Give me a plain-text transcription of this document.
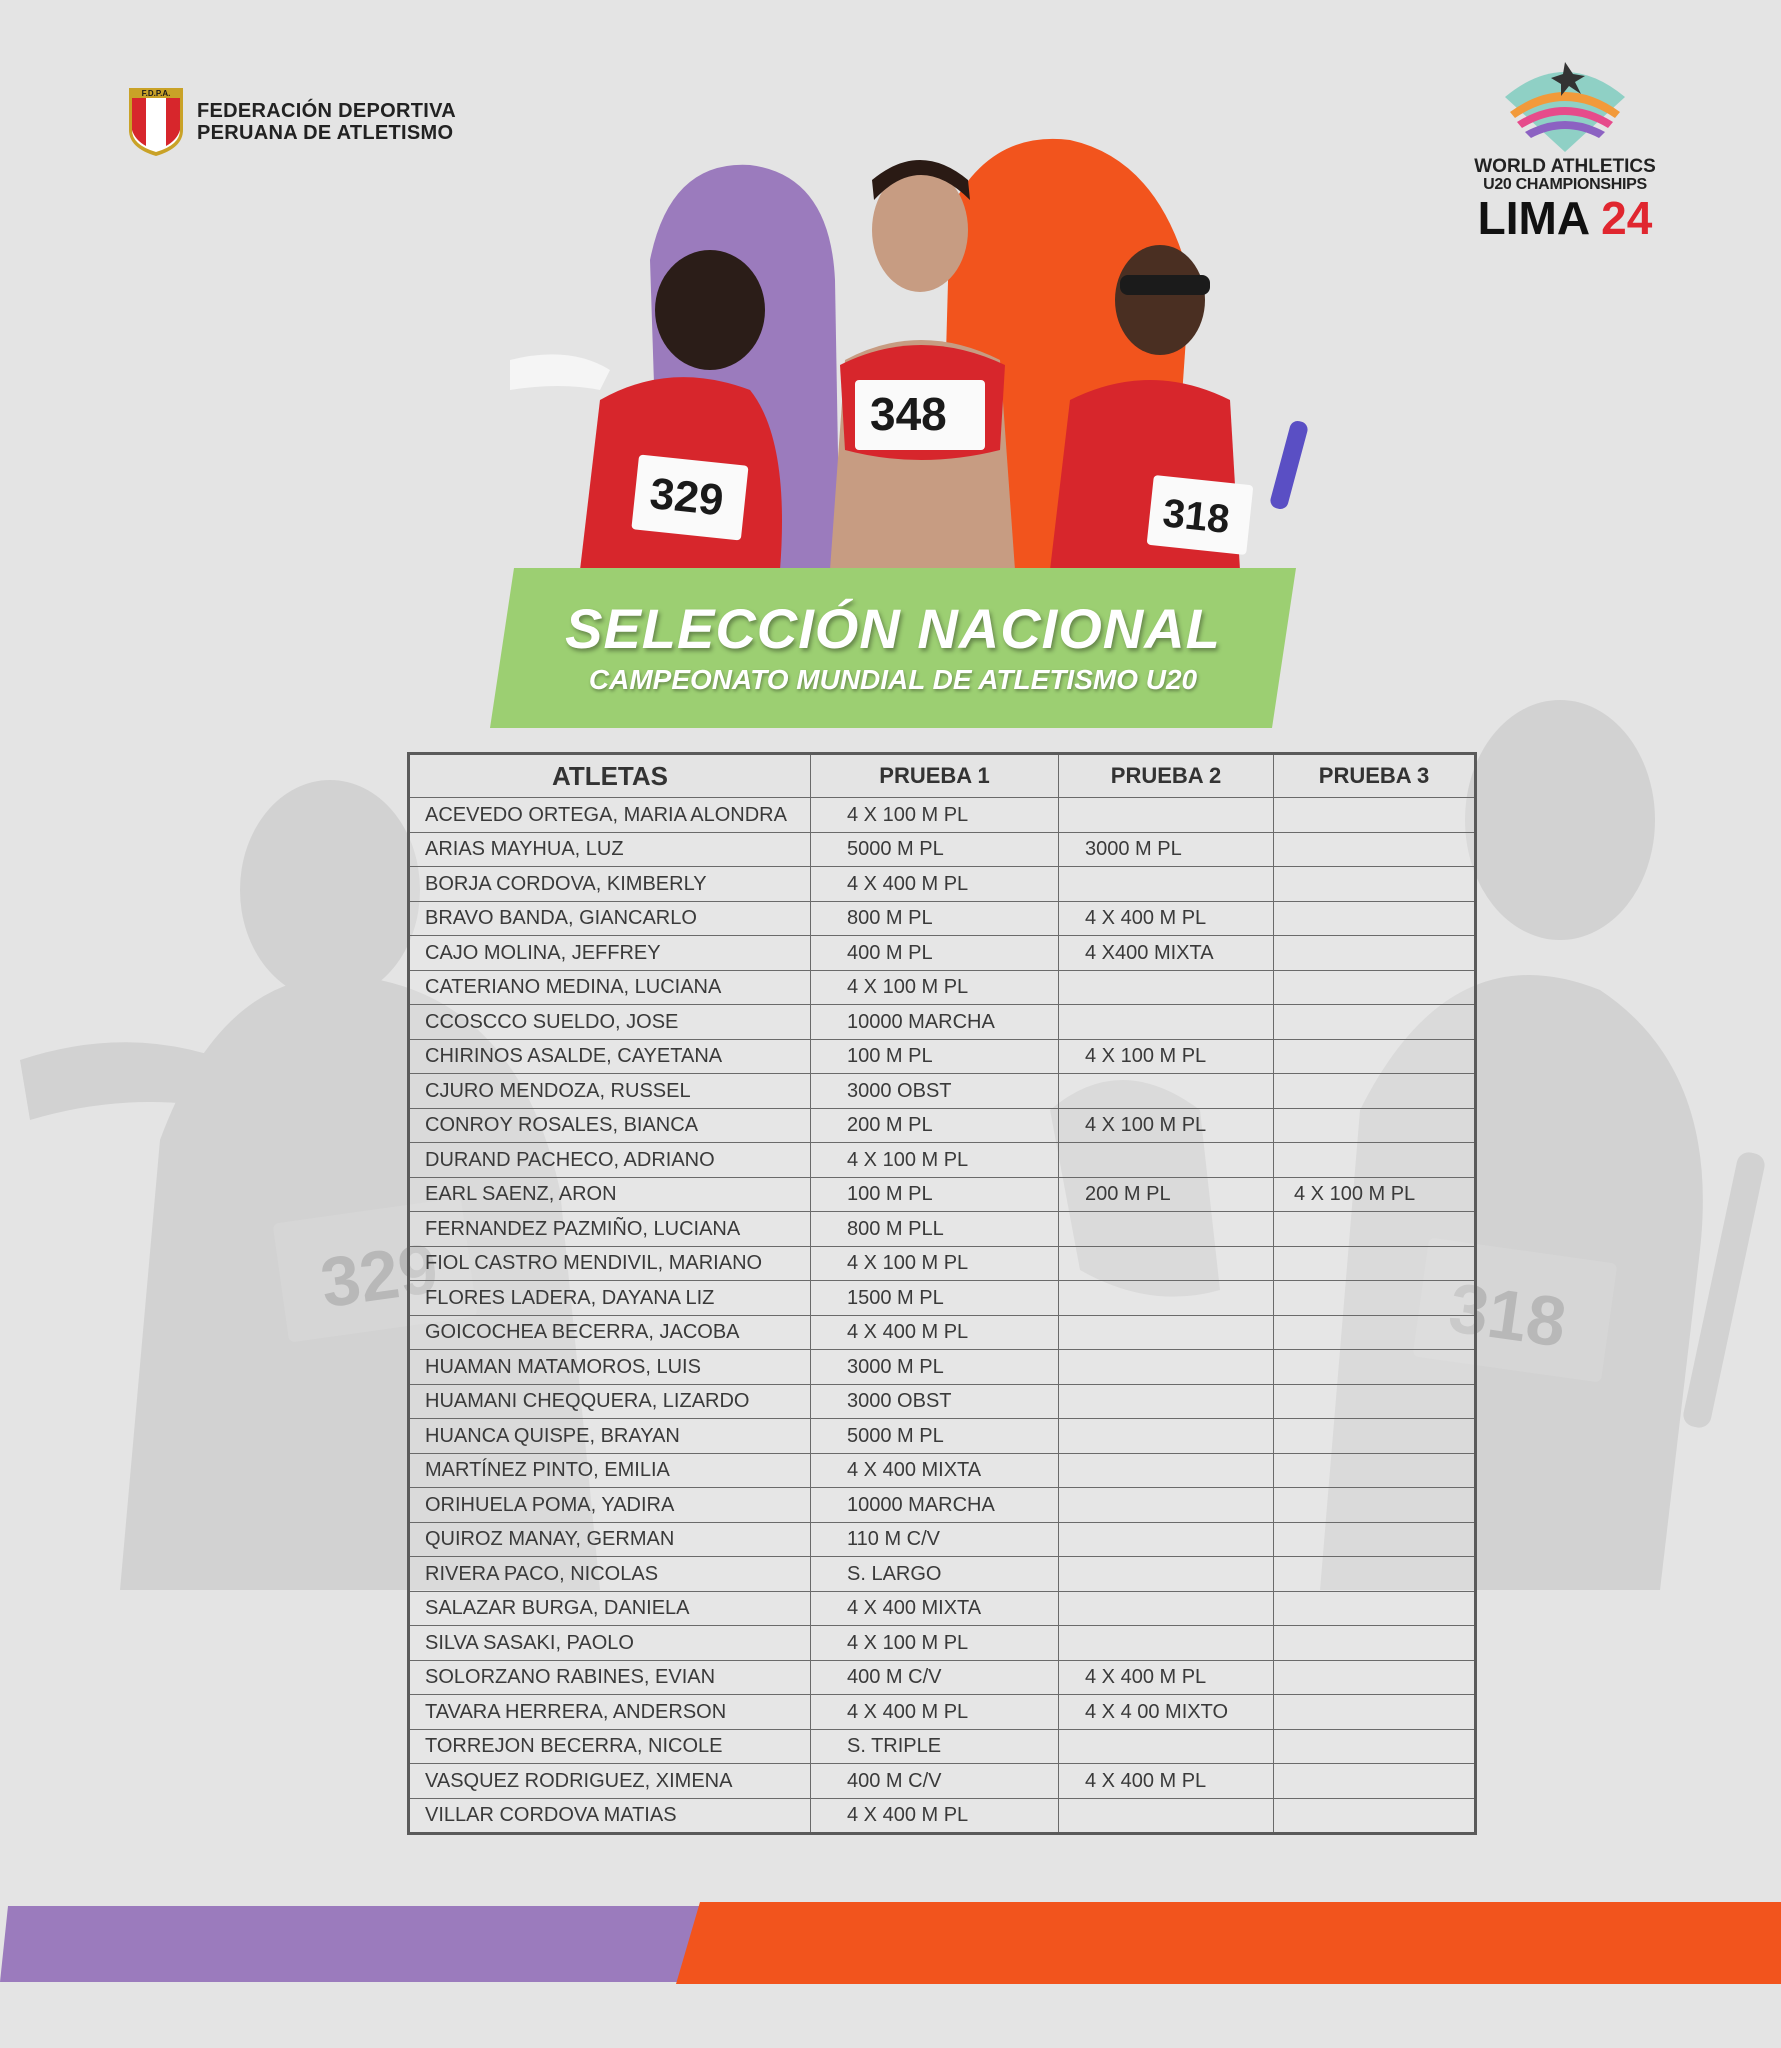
329	318
F.D.P.A.
FEDERACIÓN DEPORTIVA
PERUANA DE ATLETISMO
WORLD ATHLETICS
U20 CHAMPIONSHIPS
LIMA 24
329
348
318
SELECCIÓN NACIONAL
CAMPEONATO MUNDIAL DE ATLETISMO U20
ATLETAS	PRUEBA 1	PRUEBA 2	PRUEBA 3
ACEVEDO ORTEGA, MARIA ALONDRA	4 X 100 M PL		
ARIAS MAYHUA, LUZ	5000 M PL	3000 M PL	
BORJA CORDOVA, KIMBERLY	4 X 400 M PL		
BRAVO BANDA, GIANCARLO	800 M PL	4 X 400 M PL	
CAJO MOLINA, JEFFREY	400 M PL	4 X400 MIXTA	
CATERIANO MEDINA, LUCIANA	4 X 100 M PL		
CCOSCCO SUELDO, JOSE	10000 MARCHA		
CHIRINOS ASALDE, CAYETANA	100 M PL	4 X 100 M PL	
CJURO MENDOZA, RUSSEL	3000 OBST		
CONROY ROSALES, BIANCA	200 M PL	4 X 100 M PL	
DURAND PACHECO, ADRIANO	4 X 100 M PL		
EARL SAENZ, ARON	100 M PL	200 M PL	4 X 100 M PL
FERNANDEZ PAZMIÑO, LUCIANA	800 M PLL		
FIOL CASTRO MENDIVIL, MARIANO	4 X 100 M PL		
FLORES LADERA, DAYANA LIZ	1500 M PL		
GOICOCHEA BECERRA, JACOBA	4 X 400 M PL		
HUAMAN MATAMOROS, LUIS	3000 M PL		
HUAMANI CHEQQUERA, LIZARDO	3000 OBST		
HUANCA QUISPE, BRAYAN	5000 M PL		
MARTÍNEZ PINTO, EMILIA	4 X 400 MIXTA		
ORIHUELA POMA, YADIRA	10000 MARCHA		
QUIROZ MANAY, GERMAN	110 M C/V		
RIVERA PACO, NICOLAS	S. LARGO		
SALAZAR BURGA, DANIELA	4 X 400 MIXTA		
SILVA SASAKI, PAOLO	4 X 100 M PL		
SOLORZANO RABINES, EVIAN	400 M C/V	4 X 400 M PL	
TAVARA HERRERA, ANDERSON	4 X 400 M PL	4 X 4 00 MIXTO	
TORREJON BECERRA, NICOLE	S. TRIPLE		
VASQUEZ RODRIGUEZ, XIMENA	400 M C/V	4 X 400 M PL	
VILLAR CORDOVA MATIAS	4 X 400 M PL		
